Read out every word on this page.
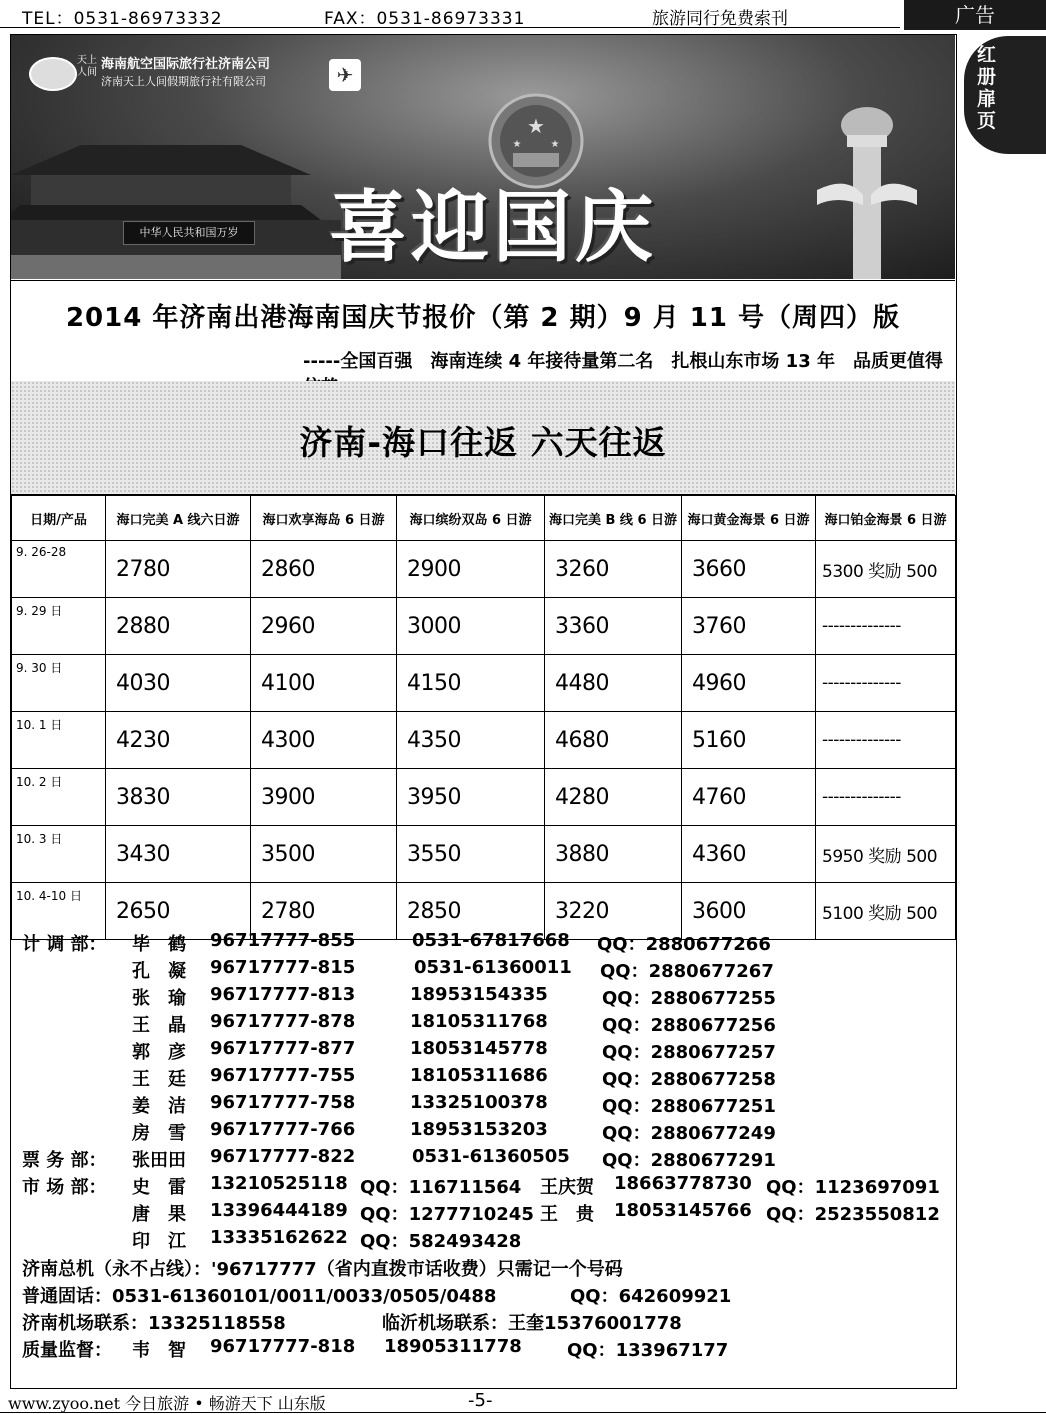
TEL：0531-86973332	FAX：0531-86973331	旅游同行免费索刊	广告
红册扉页
天上人间
海南航空国际旅行社济南公司
济南天上人间假期旅行社有限公司	✈
★
★	★
中华人民共和国万岁 喜迎国庆
2014 年济南出港海南国庆节报价（第 2 期）9 月 11 号（周四）版
-----全国百强　海南连续 4 年接待量第二名　扎根山东市场 13 年　品质更值得
济南-海口往返 六天往返
日期/产品	海口完美 A 线六日游	海口欢享海岛 6 日游	海口缤纷双岛 6 日游	海口完美 B 线 6 日游	海口黄金海景 6 日游	海口铂金海景 6 日游
9. 26-28	2780	2860	2900	3260	3660	5300 奖励 500
9. 29 日	2880	2960	3000	3360	3760	--------------
9. 30 日	4030	4100	4150	4480	4960	--------------
10. 1 日	4230	4300	4350	4680	5160	--------------
10. 2 日	3830	3900	3950	4280	4760	--------------
10. 3 日	3430	3500	3550	3880	4360	5950 奖励 500
10. 4-10 日	2650	2780	2850	3220	3600	5100 奖励 500
计 调 部： 毕　鹤 96717777-855	0531-67817668 QQ：2880677266
孔　凝 96717777-815	0531-61360011 QQ：2880677267
张　瑜 96717777-813	18953154335	QQ：2880677255
王　晶 96717777-878	18105311768	QQ：2880677256
郭　彦 96717777-877	18053145778	QQ：2880677257
王　廷 96717777-755	18105311686	QQ：2880677258
姜　洁 96717777-758	13325100378	QQ：2880677251
房　雪 96717777-766	18953153203	QQ：2880677249
票 务 部： 张田田 96717777-822	0531-61360505 QQ：2880677291
市 场 部： 史　雷 13210525118 QQ：116711564 王庆贺 18663778730 QQ：1123697091
唐　果 13396444189 QQ：1277710245 王　贵 18053145766 QQ：2523550812
印　江 13335162622 QQ：582493428
济南总机（永不占线）：'96717777（省内直拨市话收费）只需记一个号码
普通固话：0531-61360101/0011/0033/0505/0488	QQ：642609921
济南机场联系：13325118558	临沂机场联系：王奎15376001778
质量监督： 韦　智 96717777-818 18905311778	QQ：133967177
www.zyoo.net 今日旅游 • 畅游天下 山东版	-5-
